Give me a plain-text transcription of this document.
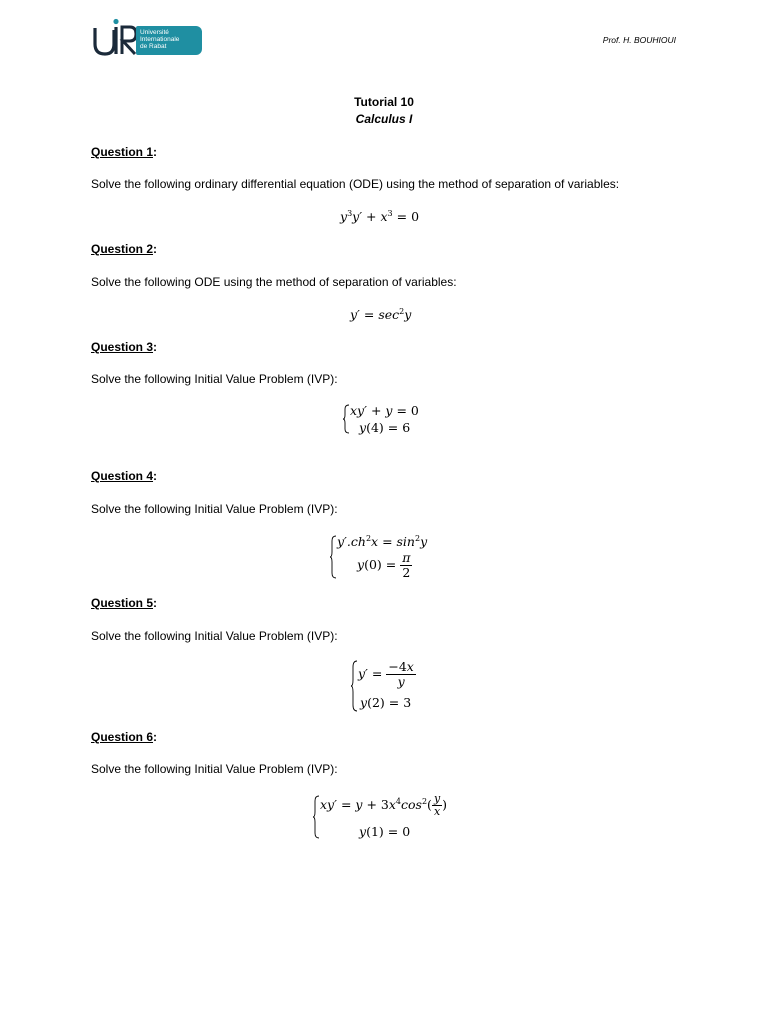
Université
Internationale
de Rabat
Prof. H. BOUHIOUI
Tutorial 10
Calculus I
Question 1:
Solve the following ordinary differential equation (ODE) using the method of separation of variables:
$y^3y' + x^3 = 0$
Question 2:
Solve the following ODE using the method of separation of variables:
$y' = \sec^2y$
Question 3:
Solve the following Initial Value Problem (IVP):
xy′ + y = 0
y(4) = 6
Question 4:
Solve the following Initial Value Problem (IVP):
$y'.ch^2x = \sin^2y$
$y(0) = \frac{\pi}{2}$
Question 5:
Solve the following Initial Value Problem (IVP):
$y' = \frac{-4x}{y}$
y(2) = 3
Question 6:
Solve the following Initial Value Problem (IVP):
$xy' = y + 3x^4\cos^2( \frac{y}{x}$ )
y(1) = 0
